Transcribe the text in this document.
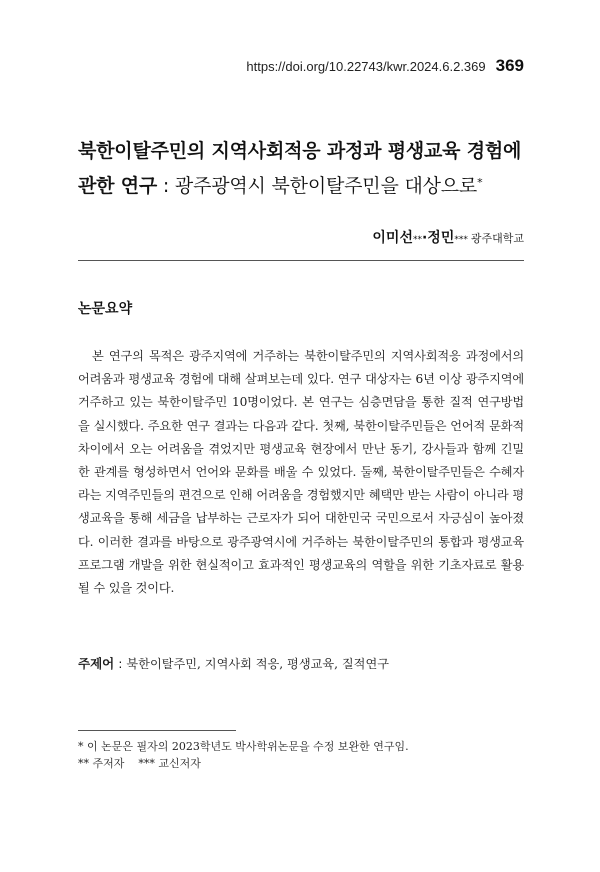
https://doi.org/10.22743/kwr.2024.6.2.369 369
북한이탈주민의 지역사회적응 과정과 평생교육 경험에
관한 연구 : 광주광역시 북한이탈주민을 대상으로*
이미선**·정민*** 광주대학교
논문요약

본 연구의 목적은 광주지역에 거주하는 북한이탈주민의 지역사회적응 과정에서의 어려움과 평생교육 경험에 대해 살펴보는데 있다. 연구 대상자는 6년 이상 광주지역에 거주하고 있는 북한이탈주민 10명이었다. 본 연구는 심층면담을 통한 질적 연구방법을 실시했다. 주요한 연구 결과는 다음과 같다. 첫째, 북한이탈주민들은 언어적 문화적 차이에서 오는 어려움을 겪었지만 평생교육 현장에서 만난 동기, 강사들과 함께 긴밀한 관계를 형성하면서 언어와 문화를 배울 수 있었다. 둘째, 북한이탈주민들은 수혜자라는 지역주민들의 편견으로 인해 어려움을 경험했지만 혜택만 받는 사람이 아니라 평생교육을 통해 세금을 납부하는 근로자가 되어 대한민국 국민으로서 자긍심이 높아졌다. 이러한 결과를 바탕으로 광주광역시에 거주하는 북한이탈주민의 통합과 평생교육 프로그램 개발을 위한 현실적이고 효과적인 평생교육의 역할을 위한 기초자료로 활용될 수 있을 것이다.

주제어 : 북한이탈주민, 지역사회 적응, 평생교육, 질적연구
* 이 논문은 필자의 2023학년도 박사학위논문을 수정 보완한 연구임.
** 주저자 *** 교신저자
